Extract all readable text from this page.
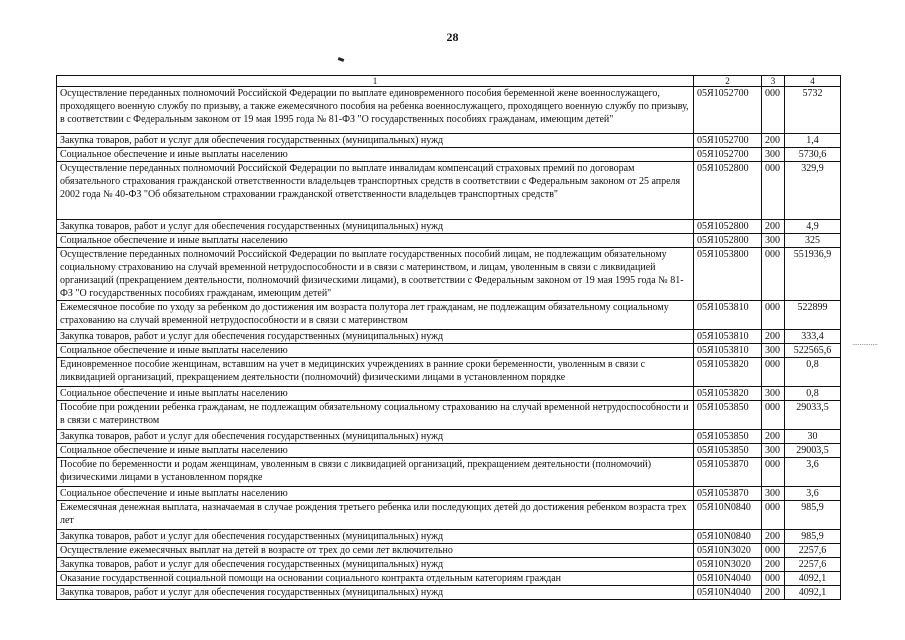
28
··············
1	2	3	4
Осуществление переданных полномочий Российской Федерации по выплате единовременного пособия беременной жене военнослужащего, проходящего военную службу по призыву, а также ежемесячного пособия на ребенка военнослужащего, проходящего военную службу по призыву, в соответствии с Федеральным законом от 19 мая 1995 года № 81-ФЗ "О государственных пособиях гражданам, имеющим детей"	05Я1052700	000	5732
Закупка товаров, работ и услуг для обеспечения государственных (муниципальных) нужд	05Я1052700	200	1,4
Социальное обеспечение и иные выплаты населению	05Я1052700	300	5730,6
Осуществление переданных полномочий Российской Федерации по выплате инвалидам компенсаций страховых премий по договорам обязательного страхования гражданской ответственности владельцев транспортных средств в соответствии с Федеральным законом от 25 апреля 2002 года № 40-ФЗ "Об обязательном страховании гражданской ответственности владельцев транспортных средств"	05Я1052800	000	329,9
Закупка товаров, работ и услуг для обеспечения государственных (муниципальных) нужд	05Я1052800	200	4,9
Социальное обеспечение и иные выплаты населению	05Я1052800	300	325
Осуществление переданных полномочий Российской Федерации по выплате государственных пособий лицам, не подлежащим обязательному социальному страхованию на случай временной нетрудоспособности и в связи с материнством, и лицам, уволенным в связи с ликвидацией организаций (прекращением деятельности, полномочий физическими лицами), в соответствии с Федеральным законом от 19 мая 1995 года № 81-ФЗ "О государственных пособиях гражданам, имеющим детей"	05Я1053800	000	551936,9
Ежемесячное пособие по уходу за ребенком до достижения им возраста полутора лет гражданам, не подлежащим обязательному социальному страхованию на случай временной нетрудоспособности и в связи с материнством	05Я1053810	000	522899
Закупка товаров, работ и услуг для обеспечения государственных (муниципальных) нужд	05Я1053810	200	333,4
Социальное обеспечение и иные выплаты населению	05Я1053810	300	522565,6
Единовременное пособие женщинам, вставшим на учет в медицинских учреждениях в ранние сроки беременности, уволенным в связи с ликвидацией организаций, прекращением деятельности (полномочий) физическими лицами в установленном порядке	05Я1053820	000	0,8
Социальное обеспечение и иные выплаты населению	05Я1053820	300	0,8
Пособие при рождении ребенка гражданам, не подлежащим обязательному социальному страхованию на случай временной нетрудоспособности и в связи с материнством	05Я1053850	000	29033,5
Закупка товаров, работ и услуг для обеспечения государственных (муниципальных) нужд	05Я1053850	200	30
Социальное обеспечение и иные выплаты населению	05Я1053850	300	29003,5
Пособие по беременности и родам женщинам, уволенным в связи с ликвидацией организаций, прекращением деятельности (полномочий) физическими лицами в установленном порядке	05Я1053870	000	3,6
Социальное обеспечение и иные выплаты населению	05Я1053870	300	3,6
Ежемесячная денежная выплата, назначаемая в случае рождения третьего ребенка или последующих детей до достижения ребенком возраста трех лет	05Я10N0840	000	985,9
Закупка товаров, работ и услуг для обеспечения государственных (муниципальных) нужд	05Я10N0840	200	985,9
Осуществление ежемесячных выплат на детей в возрасте от трех до семи лет включительно	05Я10N3020	000	2257,6
Закупка товаров, работ и услуг для обеспечения государственных (муниципальных) нужд	05Я10N3020	200	2257,6
Оказание государственной социальной помощи на основании социального контракта отдельным категориям граждан	05Я10N4040	000	4092,1
Закупка товаров, работ и услуг для обеспечения государственных (муниципальных) нужд	05Я10N4040	200	4092,1
